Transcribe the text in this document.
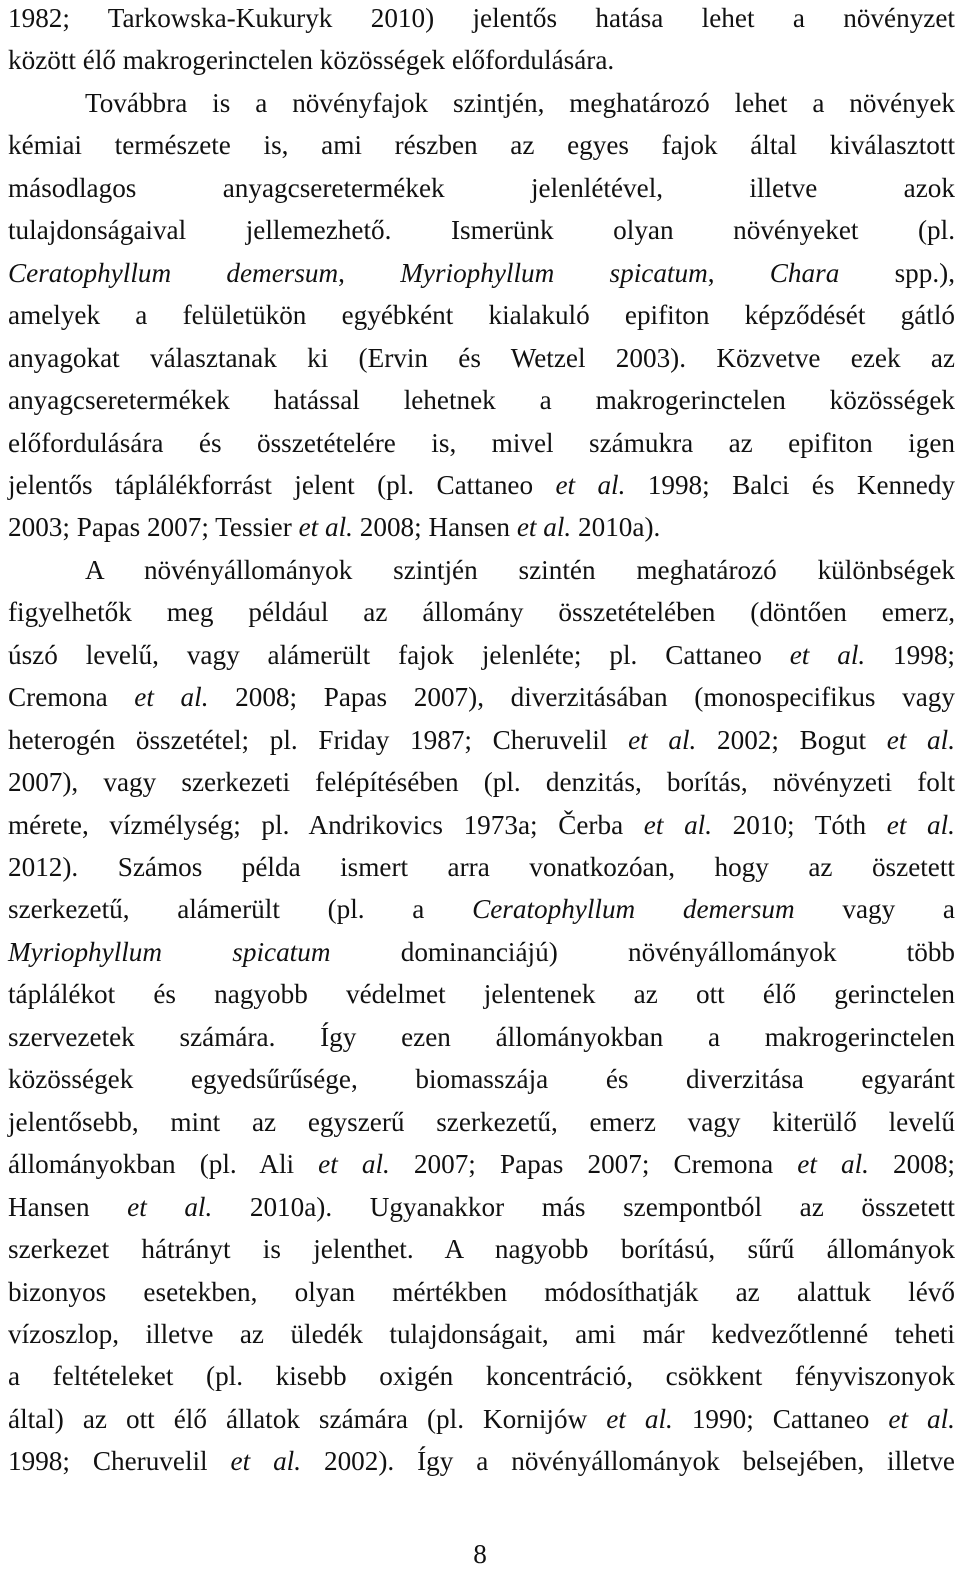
1982; Tarkowska-Kukuryk 2010) jelentős hatása lehet a növényzet
között élő makrogerinctelen közösségek előfordulására.
Továbbra is a növényfajok szintjén, meghatározó lehet a növények
kémiai természete is, ami részben az egyes fajok által kiválasztott
másodlagos anyagcseretermékek jelenlétével, illetve azok
tulajdonságaival jellemezhető. Ismerünk olyan növényeket (pl.
Ceratophyllum demersum, Myriophyllum spicatum, Chara spp.),
amelyek a felületükön egyébként kialakuló epifiton képződését gátló
anyagokat választanak ki (Ervin és Wetzel 2003). Közvetve ezek az
anyagcseretermékek hatással lehetnek a makrogerinctelen közösségek
előfordulására és összetételére is, mivel számukra az epifiton igen
jelentős táplálékforrást jelent (pl. Cattaneo et al. 1998; Balci és Kennedy
2003; Papas 2007; Tessier et al. 2008; Hansen et al. 2010a).
A növényállományok szintjén szintén meghatározó különbségek
figyelhetők meg például az állomány összetételében (döntően emerz,
úszó levelű, vagy alámerült fajok jelenléte; pl. Cattaneo et al. 1998;
Cremona et al. 2008; Papas 2007), diverzitásában (monospecifikus vagy
heterogén összetétel; pl. Friday 1987; Cheruvelil et al. 2002; Bogut et al.
2007), vagy szerkezeti felépítésében (pl. denzitás, borítás, növényzeti folt
mérete, vízmélység; pl. Andrikovics 1973a; Čerba et al. 2010; Tóth et al.
2012). Számos példa ismert arra vonatkozóan, hogy az öszetett
szerkezetű, alámerült (pl. a Ceratophyllum demersum vagy a
Myriophyllum spicatum dominanciájú) növényállományok több
táplálékot és nagyobb védelmet jelentenek az ott élő gerinctelen
szervezetek számára. Így ezen állományokban a makrogerinctelen
közösségek egyedsűrűsége, biomasszája és diverzitása egyaránt
jelentősebb, mint az egyszerű szerkezetű, emerz vagy kiterülő levelű
állományokban (pl. Ali et al. 2007; Papas 2007; Cremona et al. 2008;
Hansen et al. 2010a). Ugyanakkor más szempontból az összetett
szerkezet hátrányt is jelenthet. A nagyobb borítású, sűrű állományok
bizonyos esetekben, olyan mértékben módosíthatják az alattuk lévő
vízoszlop, illetve az üledék tulajdonságait, ami már kedvezőtlenné teheti
a feltételeket (pl. kisebb oxigén koncentráció, csökkent fényviszonyok
által) az ott élő állatok számára (pl. Kornijów et al. 1990; Cattaneo et al.
1998; Cheruvelil et al. 2002). Így a növényállományok belsejében, illetve
8
